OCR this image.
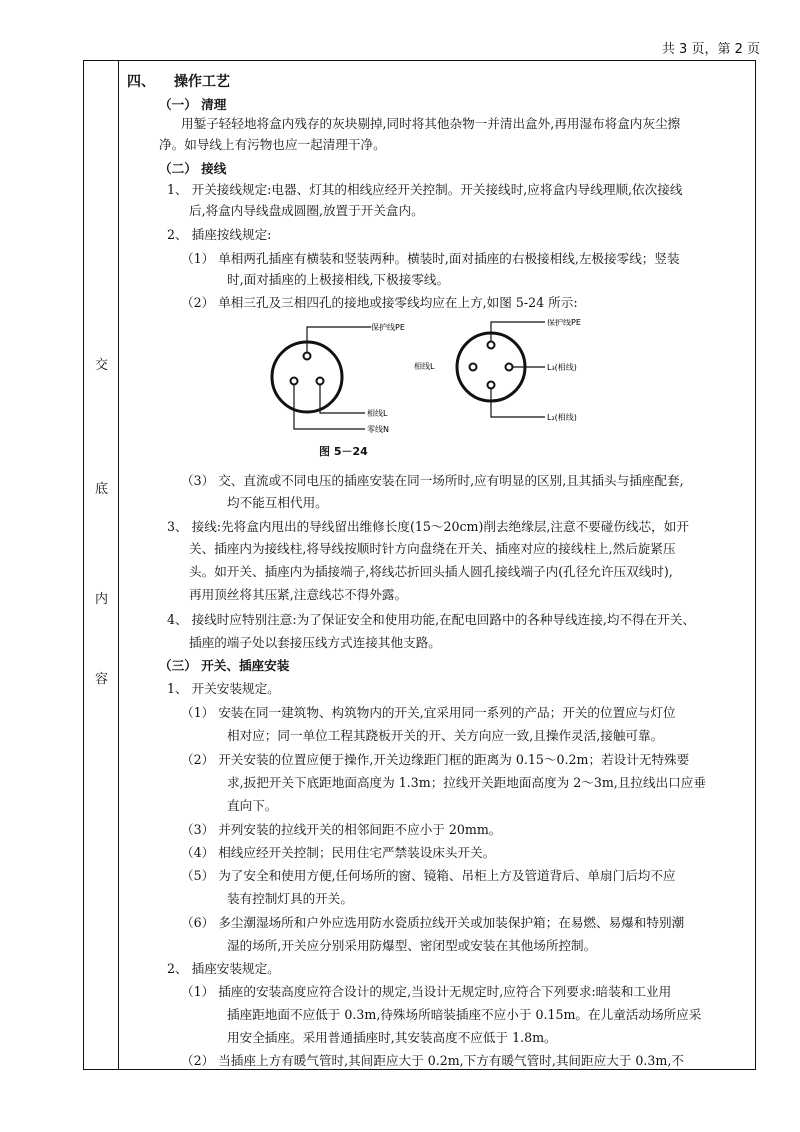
共 3 页，第 2 页
交
底
内
容
四、 操作工艺
（一） 清理
用錾子轻轻地将盒内残存的灰块剔掉,同时将其他杂物一并清出盒外,再用湿布将盒内灰尘擦
净。如导线上有污物也应一起清理干净。
（二） 接线
1、 开关接线规定:电器、灯其的相线应经开关控制。开关接线时,应将盒内导线理顺,依次接线
后,将盒内导线盘成圆圈,放置于开关盒内。
2、 插座按线规定:
（1） 单相两孔插座有横装和竖装两种。横装时,面对插座的右极接相线,左极接零线；竖装
时,面对插座的上极接相线,下极接零线。
（2） 单相三孔及三相四孔的接地或接零线均应在上方,如图 5-24 所示:
保护线PE
相线L
零线N
保护线PE
相线L	L₃(相线)
L₂(相线)
图 5－24
（3） 交、直流或不同电压的插座安装在同一场所时,应有明显的区别,且其插头与插座配套,
均不能互相代用。
3、 接线:先将盒内甩出的导线留出维修长度(15～20cm)削去绝缘层,注意不要碰伤线芯，如开
关、插座内为接线柱,将导线按顺时针方向盘绕在开关、插座对应的接线柱上,然后旋紧压
头。如开关、插座内为插接端子,将线芯折回头插人圆孔接线端子内(孔径允许压双线时),
再用顶丝将其压紧,注意线芯不得外露。
4、 接线时应特别注意:为了保证安全和使用功能,在配电回路中的各种导线连接,均不得在开关、
插座的端子处以套接压线方式连接其他支路。
（三） 开关、插座安装
1、 开关安装规定。
（1） 安装在同一建筑物、构筑物内的开关,宜采用同一系列的产品；开关的位置应与灯位
相对应；同一单位工程其跷板开关的开、关方向应一致,且操作灵活,接触可靠。
（2） 开关安装的位置应便于操作,开关边缘距门框的距离为 0.15～0.2m；若设计无特殊要
求,扳把开关下底距地面高度为 1.3m；拉线开关距地面高度为 2～3m,且拉线出口应垂
直向下。
（3） 并列安装的拉线开关的相邻间距不应小于 20mm。
（4） 相线应经开关控制；民用住宅严禁装设床头开关。
（5） 为了安全和使用方便,任何场所的窗、镜箱、吊柜上方及管道背后、单扇门后均不应
装有控制灯具的开关。
（6） 多尘潮湿场所和户外应选用防水瓷质拉线开关或加装保护箱；在易燃、易爆和特别潮
湿的场所,开关应分别采用防爆型、密闭型或安装在其他场所控制。
2、 插座安装规定。
（1） 插座的安装高度应符合设计的规定,当设计无规定时,应符合下列要求:暗装和工业用
插座距地面不应低于 0.3m,待殊场所暗装插座不应小于 0.15m。在儿童活动场所应采
用安全插座。采用普通插座时,其安装高度不应低于 1.8m。
（2） 当插座上方有暖气管时,其间距应大于 0.2m,下方有暖气管时,其间距应大于 0.3m,不
